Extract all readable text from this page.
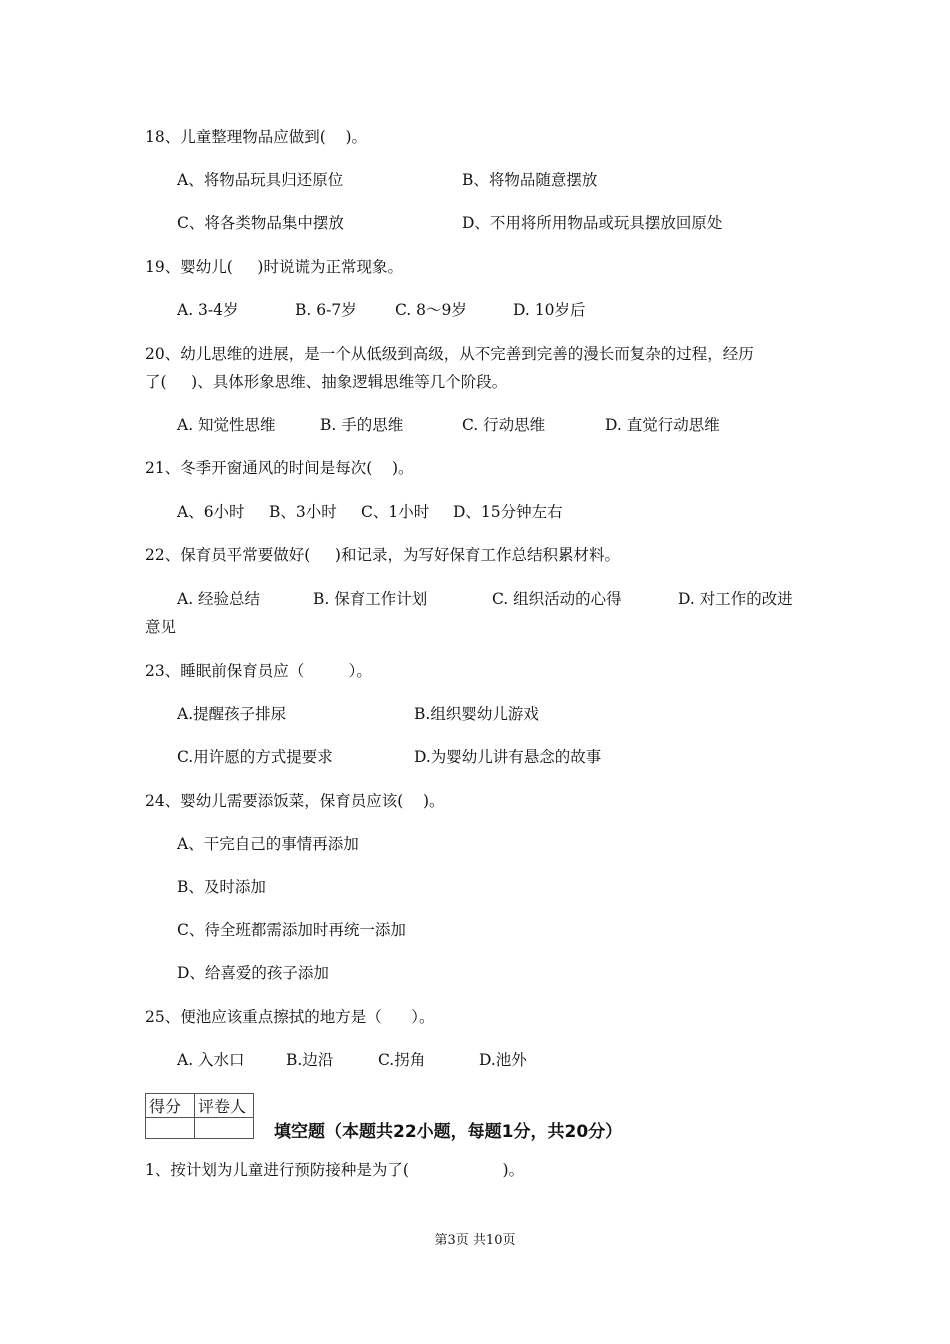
18、儿童整理物品应做到(    )。
A、将物品玩具归还原位	B、将物品随意摆放
C、将各类物品集中摆放	D、不用将所用物品或玩具摆放回原处
19、婴幼儿(     )时说谎为正常现象。
A. 3-4岁	B. 6-7岁 C. 8～9岁	D. 10岁后
20、幼儿思维的进展，是一个从低级到高级，从不完善到完善的漫长而复杂的过程，经历
了(     )、具体形象思维、抽象逻辑思维等几个阶段。
A. 知觉性思维	B. 手的思维	C. 行动思维	D. 直觉行动思维
21、冬季开窗通风的时间是每次(    )。
A、6小时 B、3小时 C、1小时 D、15分钟左右
22、保育员平常要做好(     )和记录，为写好保育工作总结积累材料。
A. 经验总结	B. 保育工作计划	C. 组织活动的心得	D. 对工作的改进
意见
23、睡眠前保育员应（         ）。
A.提醒孩子排尿	B.组织婴幼儿游戏
C.用许愿的方式提要求	D.为婴幼儿讲有悬念的故事
24、婴幼儿需要添饭菜，保育员应该(    )。
A、干完自己的事情再添加
B、及时添加
C、待全班都需添加时再统一添加
D、给喜爱的孩子添加
25、便池应该重点擦拭的地方是（      ）。
A. 入水口	B.边沿	C.拐角	D.池外
得分	评卷人

填空题（本题共22小题，每题1分，共20分）
1、按计划为儿童进行预防接种是为了(                   )。
第3页 共10页
